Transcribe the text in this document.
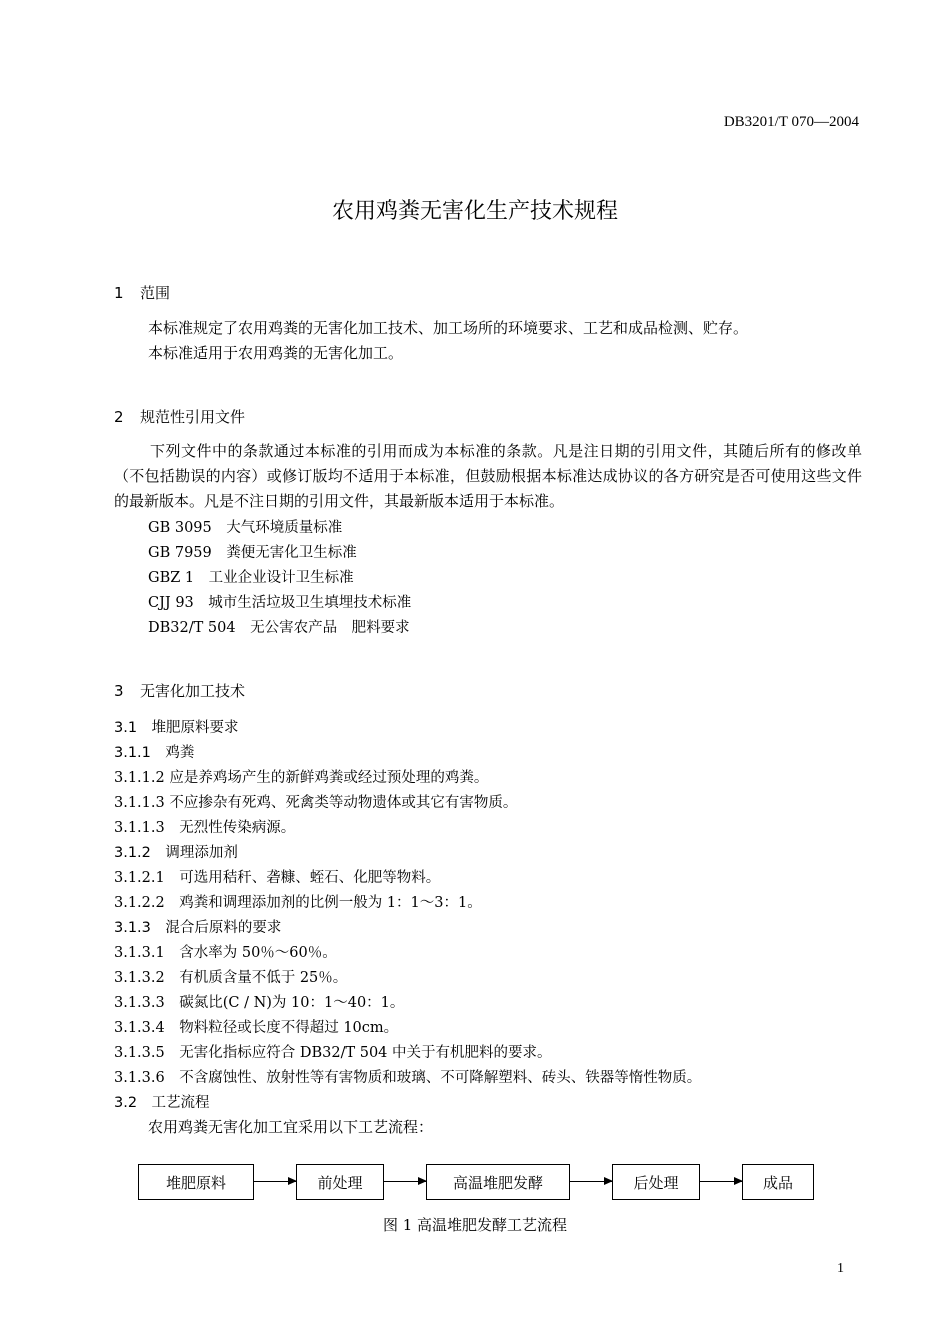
DB3201/T 070—2004
农用鸡粪无害化生产技术规程
1 范围
本标准规定了农用鸡粪的无害化加工技术、加工场所的环境要求、工艺和成品检测、贮存。
本标准适用于农用鸡粪的无害化加工。
2 规范性引用文件
下列文件中的条款通过本标准的引用而成为本标准的条款。凡是注日期的引用文件，其随后所有的修改单（不包括勘误的内容）或修订版均不适用于本标准，但鼓励根据本标准达成协议的各方研究是否可使用这些文件的最新版本。凡是不注日期的引用文件，其最新版本适用于本标准。
GB 3095　大气环境质量标准
GB 7959　粪便无害化卫生标准
GBZ 1　工业企业设计卫生标准
CJJ 93　城市生活垃圾卫生填埋技术标准
DB32/T 504　无公害农产品　肥料要求
3 无害化加工技术
3.1　堆肥原料要求
3.1.1　鸡粪
3.1.1.2 应是养鸡场产生的新鲜鸡粪或经过预处理的鸡粪。
3.1.1.3 不应掺杂有死鸡、死禽类等动物遗体或其它有害物质。
3.1.1.3　无烈性传染病源。
3.1.2　调理添加剂
3.1.2.1　可选用秸秆、砻糠、蛭石、化肥等物料。
3.1.2.2　鸡粪和调理添加剂的比例一般为 1：1～3：1。
3.1.3　混合后原料的要求
3.1.3.1　含水率为 50％～60％。
3.1.3.2　有机质含量不低于 25％。
3.1.3.3　碳氮比(C / N)为 10：1～40：1。
3.1.3.4　物料粒径或长度不得超过 10cm。
3.1.3.5　无害化指标应符合 DB32/T 504 中关于有机肥料的要求。
3.1.3.6　不含腐蚀性、放射性等有害物质和玻璃、不可降解塑料、砖头、铁器等惰性物质。
3.2　工艺流程
农用鸡粪无害化加工宜采用以下工艺流程：
堆肥原料	前处理	高温堆肥发酵	后处理	成品
图 1 高温堆肥发酵工艺流程
1
